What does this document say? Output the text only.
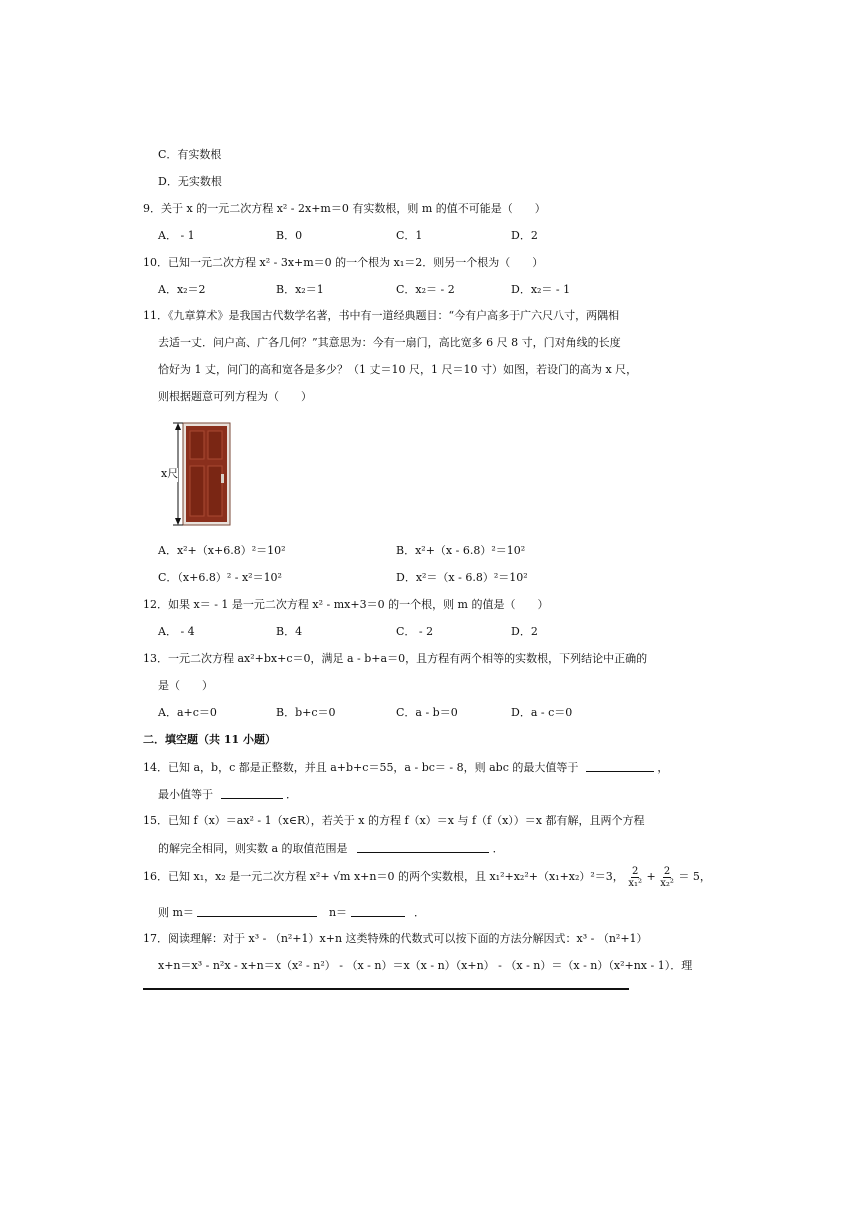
C．有实数根
D．无实数根
9．关于 x 的一元二次方程 x² - 2x+m＝0 有实数根，则 m 的值不可能是（　　）
A． - 1	B．0	C．1	D．2
10．已知一元二次方程 x² - 3x+m＝0 的一个根为 x₁＝2．则另一个根为（　　）
A．x₂＝2	B．x₂＝1	C．x₂＝ - 2	D．x₂＝ - 1
11．《九章算术》是我国古代数学名著，书中有一道经典题目：“今有户高多于广六尺八寸，两隅相
去适一丈．问户高、广各几何？”其意思为：今有一扇门，高比宽多 6 尺 8 寸，门对角线的长度
恰好为 1 丈，问门的高和宽各是多少？（1 丈＝10 尺，1 尺＝10 寸）如图，若设门的高为 x 尺，
则根据题意可列方程为（　　）
x尺
A．x²+（x+6.8）²＝10²	B．x²+（x - 6.8）²＝10²
C．（x+6.8）² - x²＝10²	D．x²＝（x - 6.8）²＝10²
12．如果 x＝ - 1 是一元二次方程 x² - mx+3＝0 的一个根，则 m 的值是（　　）
A． - 4	B．4	C． - 2	D．2
13．一元二次方程 ax²+bx+c＝0，满足 a - b+a＝0，且方程有两个相等的实数根，下列结论中正确的
是（　　）
A．a+c＝0	B．b+c＝0	C．a - b＝0	D．a - c＝0
二．填空题（共 11 小题）
14．已知 a，b，c 都是正整数，并且 a+b+c＝55，a - bc＝ - 8，则 abc 的最大值等于	，
最小值等于	．
15．已知 f（x）＝ax² - 1（x∈R），若关于 x 的方程 f（x）＝x 与 f（f（x））＝x 都有解，且两个方程
的解完全相同，则实数 a 的取值范围是	．
16．已知 x₁，x₂ 是一元二次方程 x²+ √m x+n＝0 的两个实数根，且 x₁²+x₂²+（x₁+x₂）²＝3， $\frac{2}{\text{x₁²}} + \frac{2}{\text{x₂²}} = 5$，
则 m＝	n＝	．
17．阅读理解：对于 x³ - （n²+1）x+n 这类特殊的代数式可以按下面的方法分解因式：x³ - （n²+1）
x+n＝x³ - n²x - x+n＝x（x² - n²） - （x - n）＝x（x - n）（x+n） - （x - n）＝（x - n）（x²+nx - 1）．理
